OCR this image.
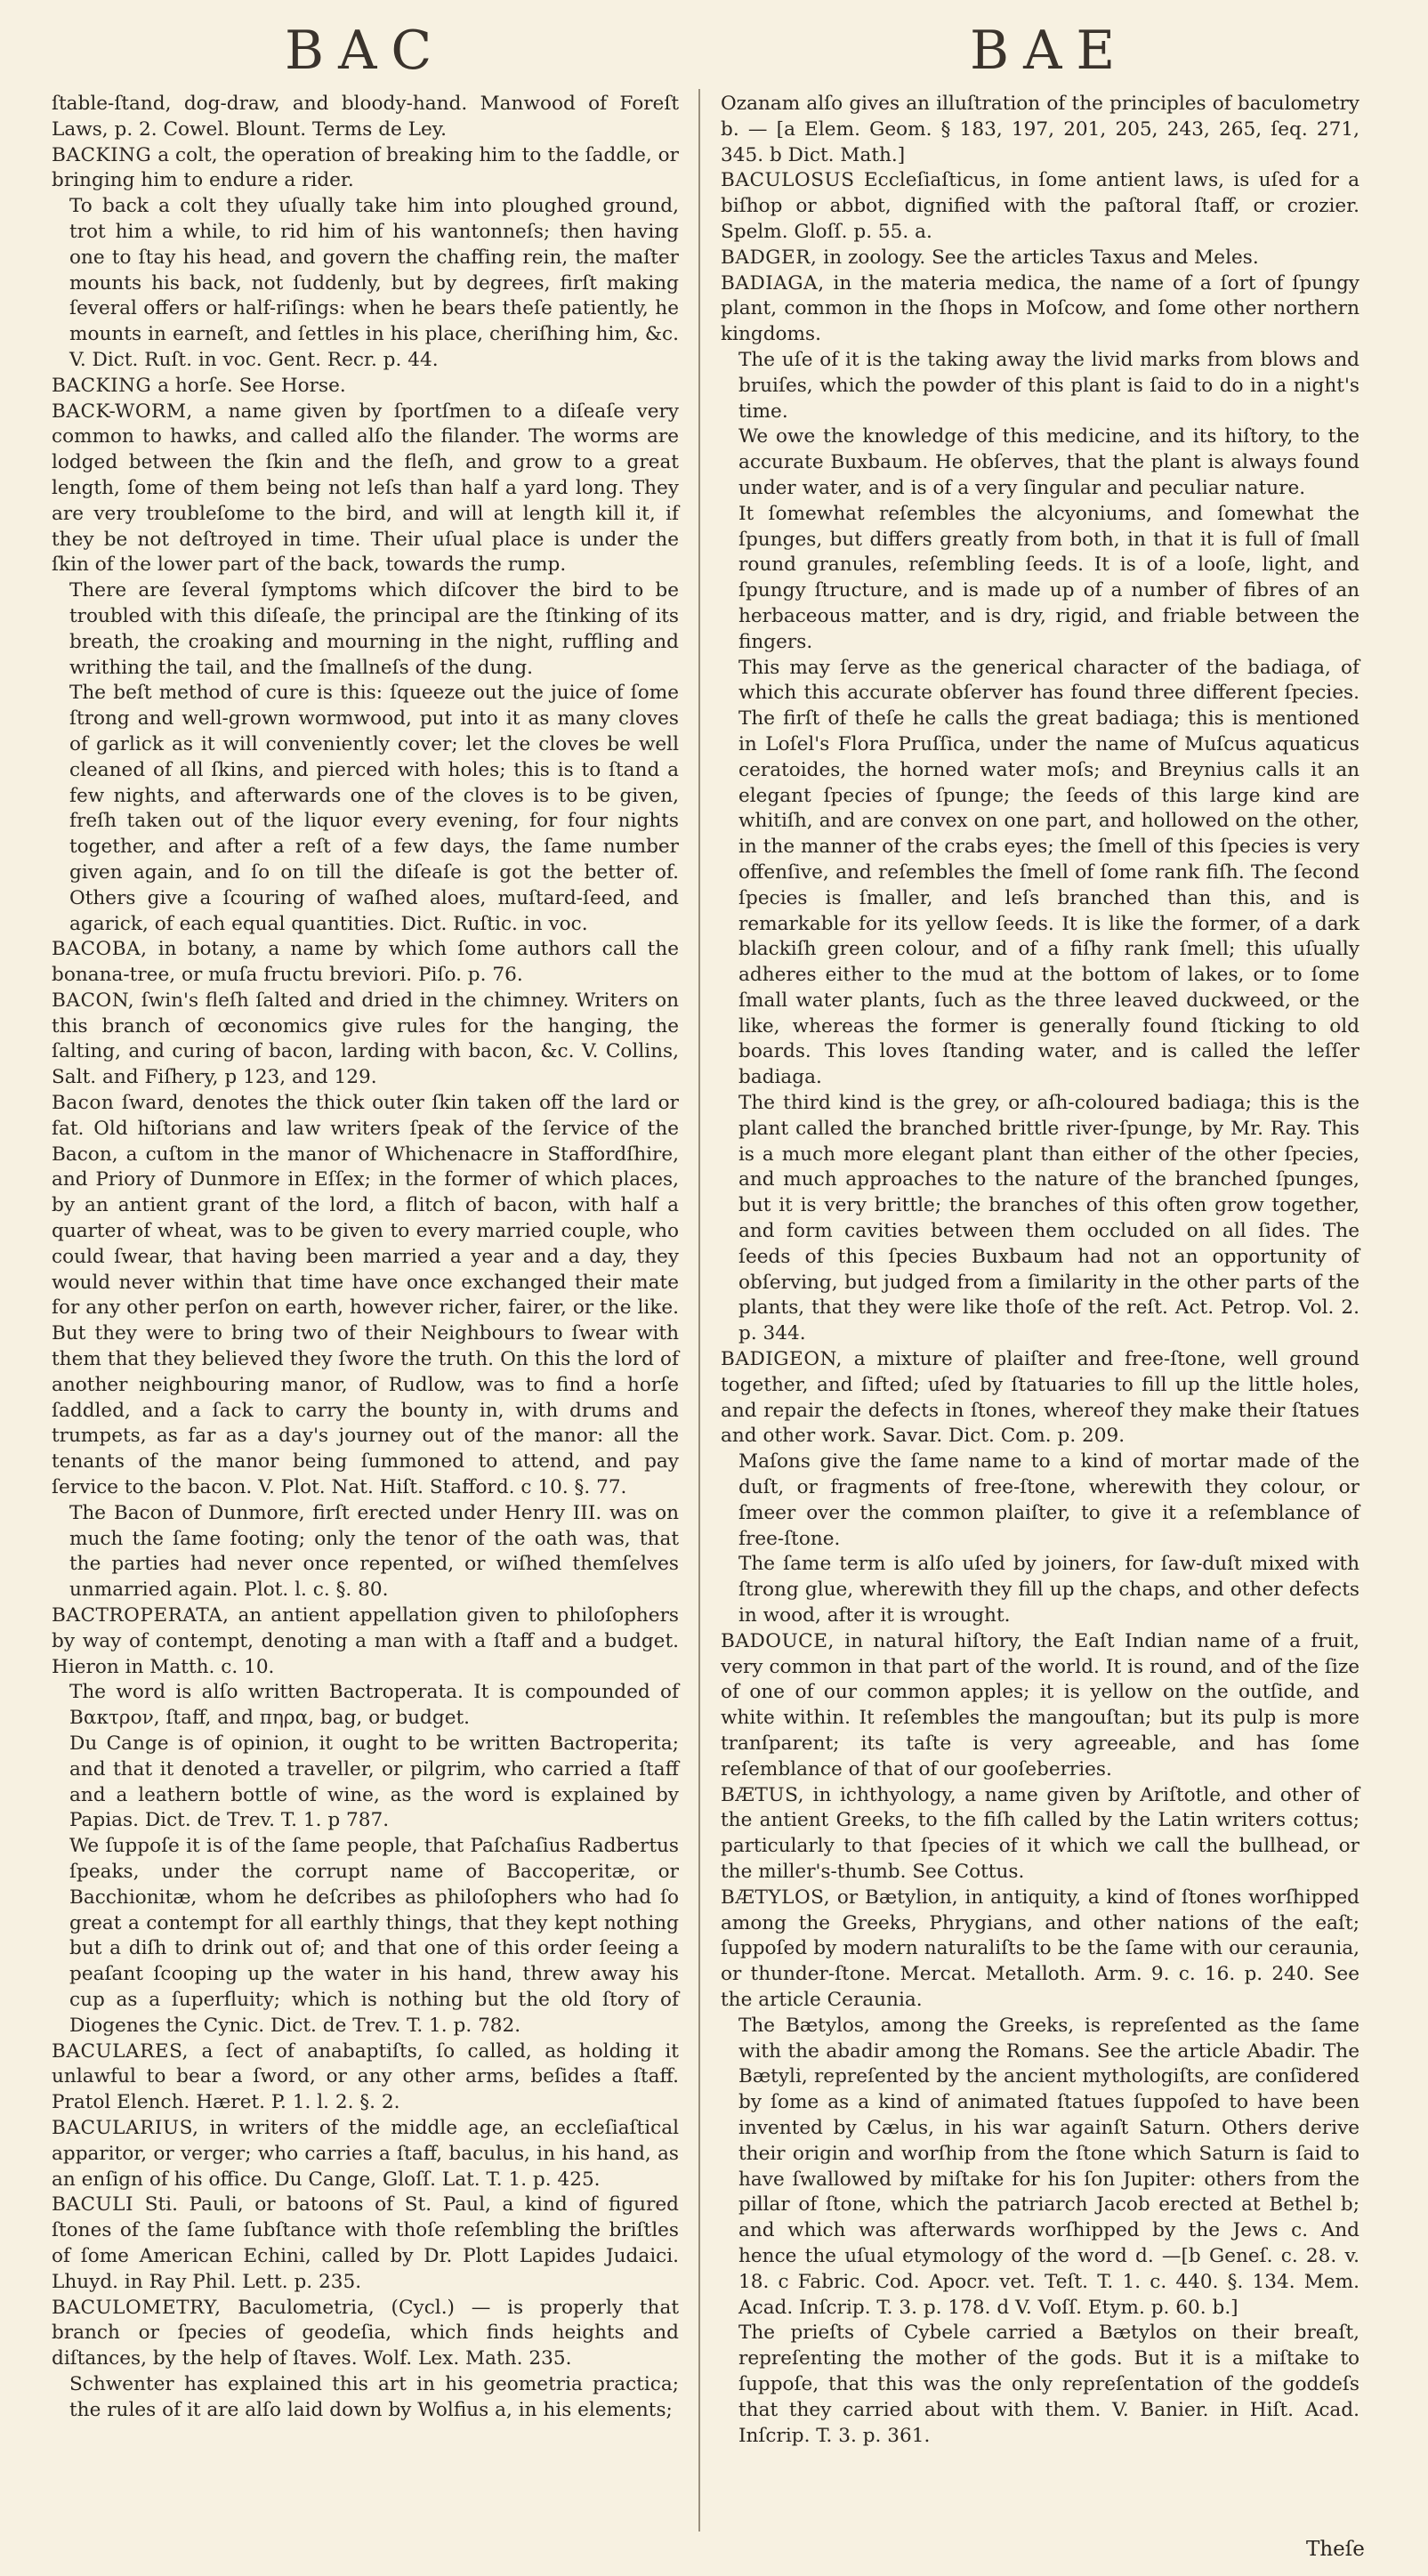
BAC	BAE

ſtable-ſtand, dog-draw, and bloody-hand. Manwood of Foreſt Laws, p. 2. Cowel. Blount. Terms de Ley.

BACKING a colt, the operation of breaking him to the ſaddle, or bringing him to endure a rider.

To back a colt they uſually take him into ploughed ground, trot him a while, to rid him of his wantonneſs; then having one to ſtay his head, and govern the chaffing rein, the maſter mounts his back, not ſuddenly, but by degrees, firſt making ſeveral offers or half-riſings: when he bears theſe patiently, he mounts in earneſt, and ſettles in his place, cheriſhing him, &c. V. Dict. Ruſt. in voc. Gent. Recr. p. 44.

BACKING a horſe. See Horse.

BACK-WORM, a name given by ſportſmen to a diſeaſe very common to hawks, and called alſo the filander. The worms are lodged between the ſkin and the fleſh, and grow to a great length, ſome of them being not leſs than half a yard long. They are very troubleſome to the bird, and will at length kill it, if they be not deſtroyed in time. Their uſual place is under the ſkin of the lower part of the back, towards the rump.

There are ſeveral ſymptoms which diſcover the bird to be troubled with this diſeaſe, the principal are the ſtinking of its breath, the croaking and mourning in the night, ruffling and writhing the tail, and the ſmallneſs of the dung.

The beſt method of cure is this: ſqueeze out the juice of ſome ſtrong and well-grown wormwood, put into it as many cloves of garlick as it will conveniently cover; let the cloves be well cleaned of all ſkins, and pierced with holes; this is to ſtand a few nights, and afterwards one of the cloves is to be given, freſh taken out of the liquor every evening, for four nights together, and after a reſt of a few days, the ſame number given again, and ſo on till the diſeaſe is got the better of. Others give a ſcouring of waſhed aloes, muſtard-ſeed, and agarick, of each equal quantities. Dict. Ruſtic. in voc.

BACOBA, in botany, a name by which ſome authors call the bonana-tree, or muſa fructu breviori. Piſo. p. 76.

BACON, ſwin's fleſh ſalted and dried in the chimney. Writers on this branch of œconomics give rules for the hanging, the ſalting, and curing of bacon, larding with bacon, &c. V. Collins, Salt. and Fiſhery, p 123, and 129.

Bacon ſward, denotes the thick outer ſkin taken off the lard or fat. Old hiſtorians and law writers ſpeak of the ſervice of the Bacon, a cuſtom in the manor of Whichenacre in Staffordſhire, and Priory of Dunmore in Eſſex; in the former of which places, by an antient grant of the lord, a flitch of bacon, with half a quarter of wheat, was to be given to every married couple, who could ſwear, that having been married a year and a day, they would never within that time have once exchanged their mate for any other perſon on earth, however richer, fairer, or the like. But they were to bring two of their Neighbours to ſwear with them that they believed they ſwore the truth. On this the lord of another neighbouring manor, of Rudlow, was to find a horſe ſaddled, and a ſack to carry the bounty in, with drums and trumpets, as far as a day's journey out of the manor: all the tenants of the manor being ſummoned to attend, and pay ſervice to the bacon. V. Plot. Nat. Hiſt. Stafford. c 10. §. 77.

The Bacon of Dunmore, firſt erected under Henry III. was on much the ſame footing; only the tenor of the oath was, that the parties had never once repented, or wiſhed themſelves unmarried again. Plot. l. c. §. 80.

BACTROPERATA, an antient appellation given to philoſophers by way of contempt, denoting a man with a ſtaff and a budget. Hieron in Matth. c. 10.

The word is alſo written Bactroperata. It is compounded of Βακτρον, ſtaff, and πηρα, bag, or budget.

Du Cange is of opinion, it ought to be written Bactroperita; and that it denoted a traveller, or pilgrim, who carried a ſtaff and a leathern bottle of wine, as the word is explained by Papias. Dict. de Trev. T. 1. p 787.

We ſuppoſe it is of the ſame people, that Paſchaſius Radbertus ſpeaks, under the corrupt name of Baccoperitæ, or Bacchionitæ, whom he deſcribes as philoſophers who had ſo great a contempt for all earthly things, that they kept nothing but a diſh to drink out of; and that one of this order ſeeing a peaſant ſcooping up the water in his hand, threw away his cup as a ſuperfluity; which is nothing but the old ſtory of Diogenes the Cynic. Dict. de Trev. T. 1. p. 782.

BACULARES, a ſect of anabaptiſts, ſo called, as holding it unlawful to bear a ſword, or any other arms, beſides a ſtaff. Pratol Elench. Hæret. P. 1. l. 2. §. 2.

BACULARIUS, in writers of the middle age, an eccleſiaſtical apparitor, or verger; who carries a ſtaff, baculus, in his hand, as an enſign of his office. Du Cange, Gloſſ. Lat. T. 1. p. 425.

BACULI Sti. Pauli, or batoons of St. Paul, a kind of figured ſtones of the ſame ſubſtance with thoſe reſembling the briſtles of ſome American Echini, called by Dr. Plott Lapides Judaici. Lhuyd. in Ray Phil. Lett. p. 235.

BACULOMETRY, Baculometria, (Cycl.) — is properly that branch or ſpecies of geodeſia, which finds heights and diſtances, by the help of ſtaves. Wolf. Lex. Math. 235.

Schwenter has explained this art in his geometria practica; the rules of it are alſo laid down by Wolfius a, in his elements;

Ozanam alſo gives an illuſtration of the principles of baculometry b. — [a Elem. Geom. § 183, 197, 201, 205, 243, 265, ſeq. 271, 345. b Dict. Math.]

BACULOSUS Eccleſiaſticus, in ſome antient laws, is uſed for a biſhop or abbot, dignified with the paſtoral ſtaff, or crozier. Spelm. Gloſſ. p. 55. a.

BADGER, in zoology. See the articles Taxus and Meles.

BADIAGA, in the materia medica, the name of a ſort of ſpungy plant, common in the ſhops in Moſcow, and ſome other northern kingdoms.

The uſe of it is the taking away the livid marks from blows and bruiſes, which the powder of this plant is ſaid to do in a night's time.

We owe the knowledge of this medicine, and its hiſtory, to the accurate Buxbaum. He obſerves, that the plant is always found under water, and is of a very ſingular and peculiar nature.

It ſomewhat reſembles the alcyoniums, and ſomewhat the ſpunges, but differs greatly from both, in that it is full of ſmall round granules, reſembling ſeeds. It is of a looſe, light, and ſpungy ſtructure, and is made up of a number of fibres of an herbaceous matter, and is dry, rigid, and friable between the fingers.

This may ſerve as the generical character of the badiaga, of which this accurate obſerver has found three different ſpecies. The firſt of theſe he calls the great badiaga; this is mentioned in Loſel's Flora Pruſſica, under the name of Muſcus aquaticus ceratoides, the horned water moſs; and Breynius calls it an elegant ſpecies of ſpunge; the ſeeds of this large kind are whitiſh, and are convex on one part, and hollowed on the other, in the manner of the crabs eyes; the ſmell of this ſpecies is very offenſive, and reſembles the ſmell of ſome rank fiſh. The ſecond ſpecies is ſmaller, and leſs branched than this, and is remarkable for its yellow ſeeds. It is like the former, of a dark blackiſh green colour, and of a fiſhy rank ſmell; this uſually adheres either to the mud at the bottom of lakes, or to ſome ſmall water plants, ſuch as the three leaved duckweed, or the like, whereas the former is generally found ſticking to old boards. This loves ſtanding water, and is called the leſſer badiaga.

The third kind is the grey, or aſh-coloured badiaga; this is the plant called the branched brittle river-ſpunge, by Mr. Ray. This is a much more elegant plant than either of the other ſpecies, and much approaches to the nature of the branched ſpunges, but it is very brittle; the branches of this often grow together, and form cavities between them occluded on all ſides. The ſeeds of this ſpecies Buxbaum had not an opportunity of obſerving, but judged from a ſimilarity in the other parts of the plants, that they were like thoſe of the reſt. Act. Petrop. Vol. 2. p. 344.

BADIGEON, a mixture of plaiſter and free-ſtone, well ground together, and ſifted; uſed by ſtatuaries to fill up the little holes, and repair the defects in ſtones, whereof they make their ſtatues and other work. Savar. Dict. Com. p. 209.

Maſons give the ſame name to a kind of mortar made of the duſt, or fragments of free-ſtone, wherewith they colour, or ſmeer over the common plaiſter, to give it a reſemblance of free-ſtone.

The ſame term is alſo uſed by joiners, for ſaw-duſt mixed with ſtrong glue, wherewith they fill up the chaps, and other defects in wood, after it is wrought.

BADOUCE, in natural hiſtory, the Eaſt Indian name of a fruit, very common in that part of the world. It is round, and of the ſize of one of our common apples; it is yellow on the outſide, and white within. It reſembles the mangouſtan; but its pulp is more tranſparent; its taſte is very agreeable, and has ſome reſemblance of that of our gooſeberries.

BÆTUS, in ichthyology, a name given by Ariſtotle, and other of the antient Greeks, to the fiſh called by the Latin writers cottus; particularly to that ſpecies of it which we call the bullhead, or the miller's-thumb. See Cottus.

BÆTYLOS, or Bætylion, in antiquity, a kind of ſtones worſhipped among the Greeks, Phrygians, and other nations of the eaſt; ſuppoſed by modern naturaliſts to be the ſame with our ceraunia, or thunder-ſtone. Mercat. Metalloth. Arm. 9. c. 16. p. 240. See the article Ceraunia.

The Bætylos, among the Greeks, is repreſented as the ſame with the abadir among the Romans. See the article Abadir. The Bætyli, repreſented by the ancient mythologiſts, are conſidered by ſome as a kind of animated ſtatues ſuppoſed to have been invented by Cælus, in his war againſt Saturn. Others derive their origin and worſhip from the ſtone which Saturn is ſaid to have ſwallowed by miſtake for his ſon Jupiter: others from the pillar of ſtone, which the patriarch Jacob erected at Bethel b; and which was afterwards worſhipped by the Jews c. And hence the uſual etymology of the word d. —[b Geneſ. c. 28. v. 18. c Fabric. Cod. Apocr. vet. Teſt. T. 1. c. 440. §. 134. Mem. Acad. Inſcrip. T. 3. p. 178. d V. Voſſ. Etym. p. 60. b.]

The prieſts of Cybele carried a Bætylos on their breaſt, repreſenting the mother of the gods. But it is a miſtake to ſuppoſe, that this was the only repreſentation of the goddeſs that they carried about with them. V. Banier. in Hiſt. Acad. Inſcrip. T. 3. p. 361.

Theſe
